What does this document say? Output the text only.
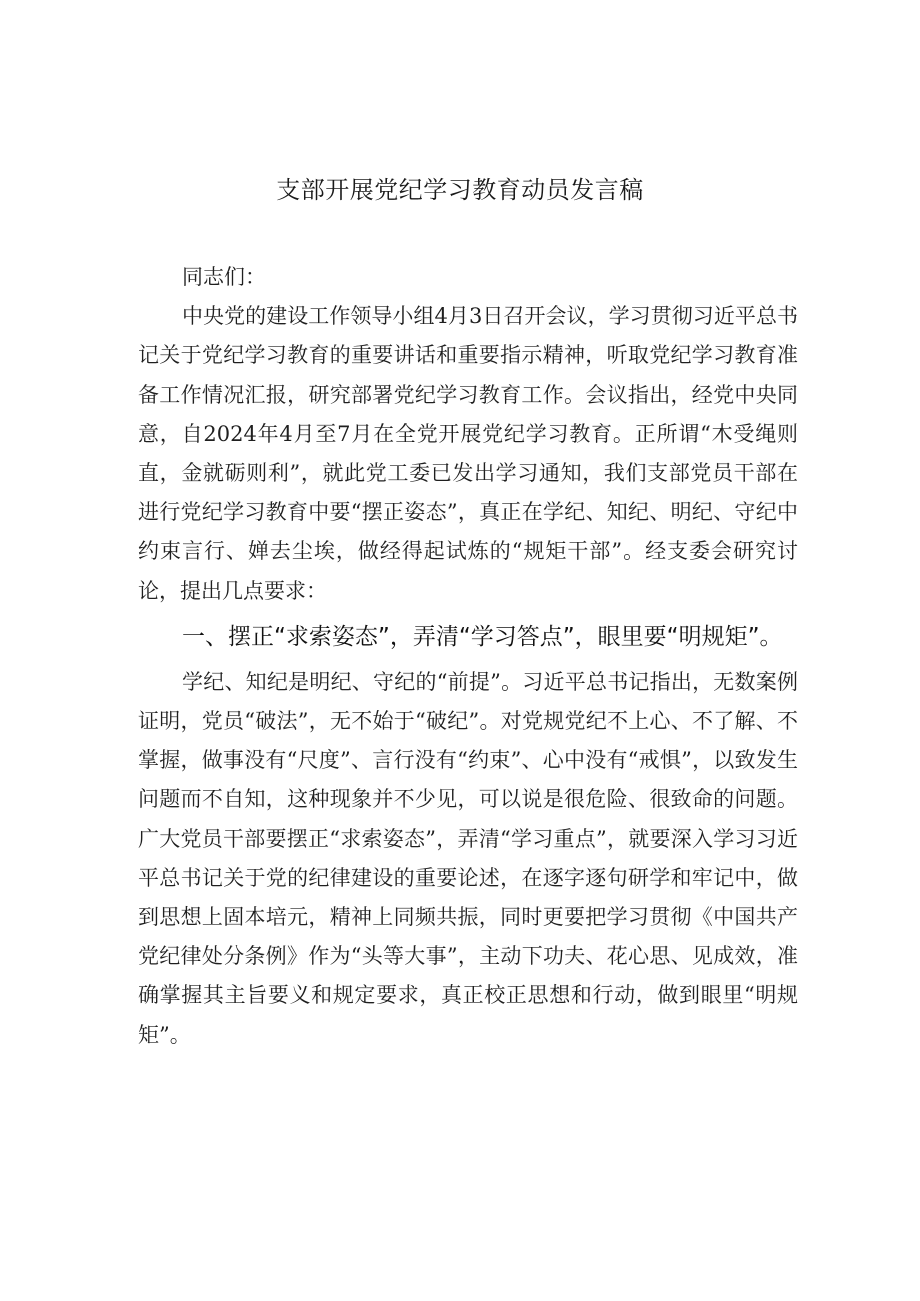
支部开展党纪学习教育动员发言稿

同志们：

中央党的建设工作领导小组4月3日召开会议，学习贯彻习近平总书记关于党纪学习教育的重要讲话和重要指示精神，听取党纪学习教育准备工作情况汇报，研究部署党纪学习教育工作。会议指出，经党中央同意，自2024年4月至7月在全党开展党纪学习教育。正所谓“木受绳则直，金就砺则利”，就此党工委已发出学习通知，我们支部党员干部在进行党纪学习教育中要“摆正姿态”，真正在学纪、知纪、明纪、守纪中约束言行、婵去尘埃，做经得起试炼的“规矩干部”。经支委会研究讨论，提出几点要求：

一、摆正“求索姿态”，弄清“学习答点”，眼里要“明规矩”。

学纪、知纪是明纪、守纪的“前提”。习近平总书记指出，无数案例证明，党员“破法”，无不始于“破纪”。对党规党纪不上心、不了解、不掌握，做事没有“尺度”、言行没有“约束”、心中没有“戒惧”，以致发生问题而不自知，这种现象并不少见，可以说是很危险、很致命的问题。广大党员干部要摆正“求索姿态”，弄清“学习重点”，就要深入学习习近平总书记关于党的纪律建设的重要论述，在逐字逐句研学和牢记中，做到思想上固本培元，精神上同频共振，同时更要把学习贯彻《中国共产党纪律处分条例》作为“头等大事”，主动下功夫、花心思、见成效，准确掌握其主旨要义和规定要求，真正校正思想和行动，做到眼里“明规矩”。
